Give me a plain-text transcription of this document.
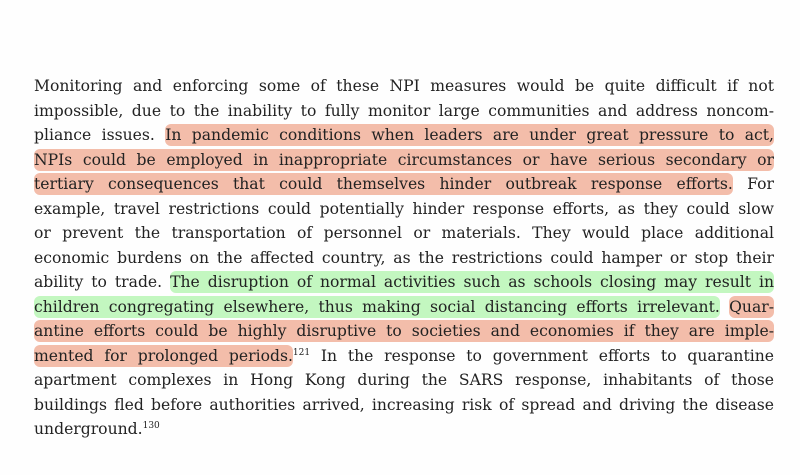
Monitoring and enforcing some of these NPI measures would be quite difficult if not
impossible, due to the inability to fully monitor large communities and address noncom-
pliance issues. In pandemic conditions when leaders are under great pressure to act,
NPIs could be employed in inappropriate circumstances or have serious secondary or
tertiary consequences that could themselves hinder outbreak response efforts. For
example, travel restrictions could potentially hinder response efforts, as they could slow
or prevent the transportation of personnel or materials. They would place additional
economic burdens on the affected country, as the restrictions could hamper or stop their
ability to trade. The disruption of normal activities such as schools closing may result in
children congregating elsewhere, thus making social distancing efforts irrelevant. Quar-
antine efforts could be highly disruptive to societies and economies if they are imple-
mented for prolonged periods.$^{121}$ In the response to government efforts to quarantine
apartment complexes in Hong Kong during the SARS response, inhabitants of those
buildings fled before authorities arrived, increasing risk of spread and driving the disease
underground.$^{130}$
